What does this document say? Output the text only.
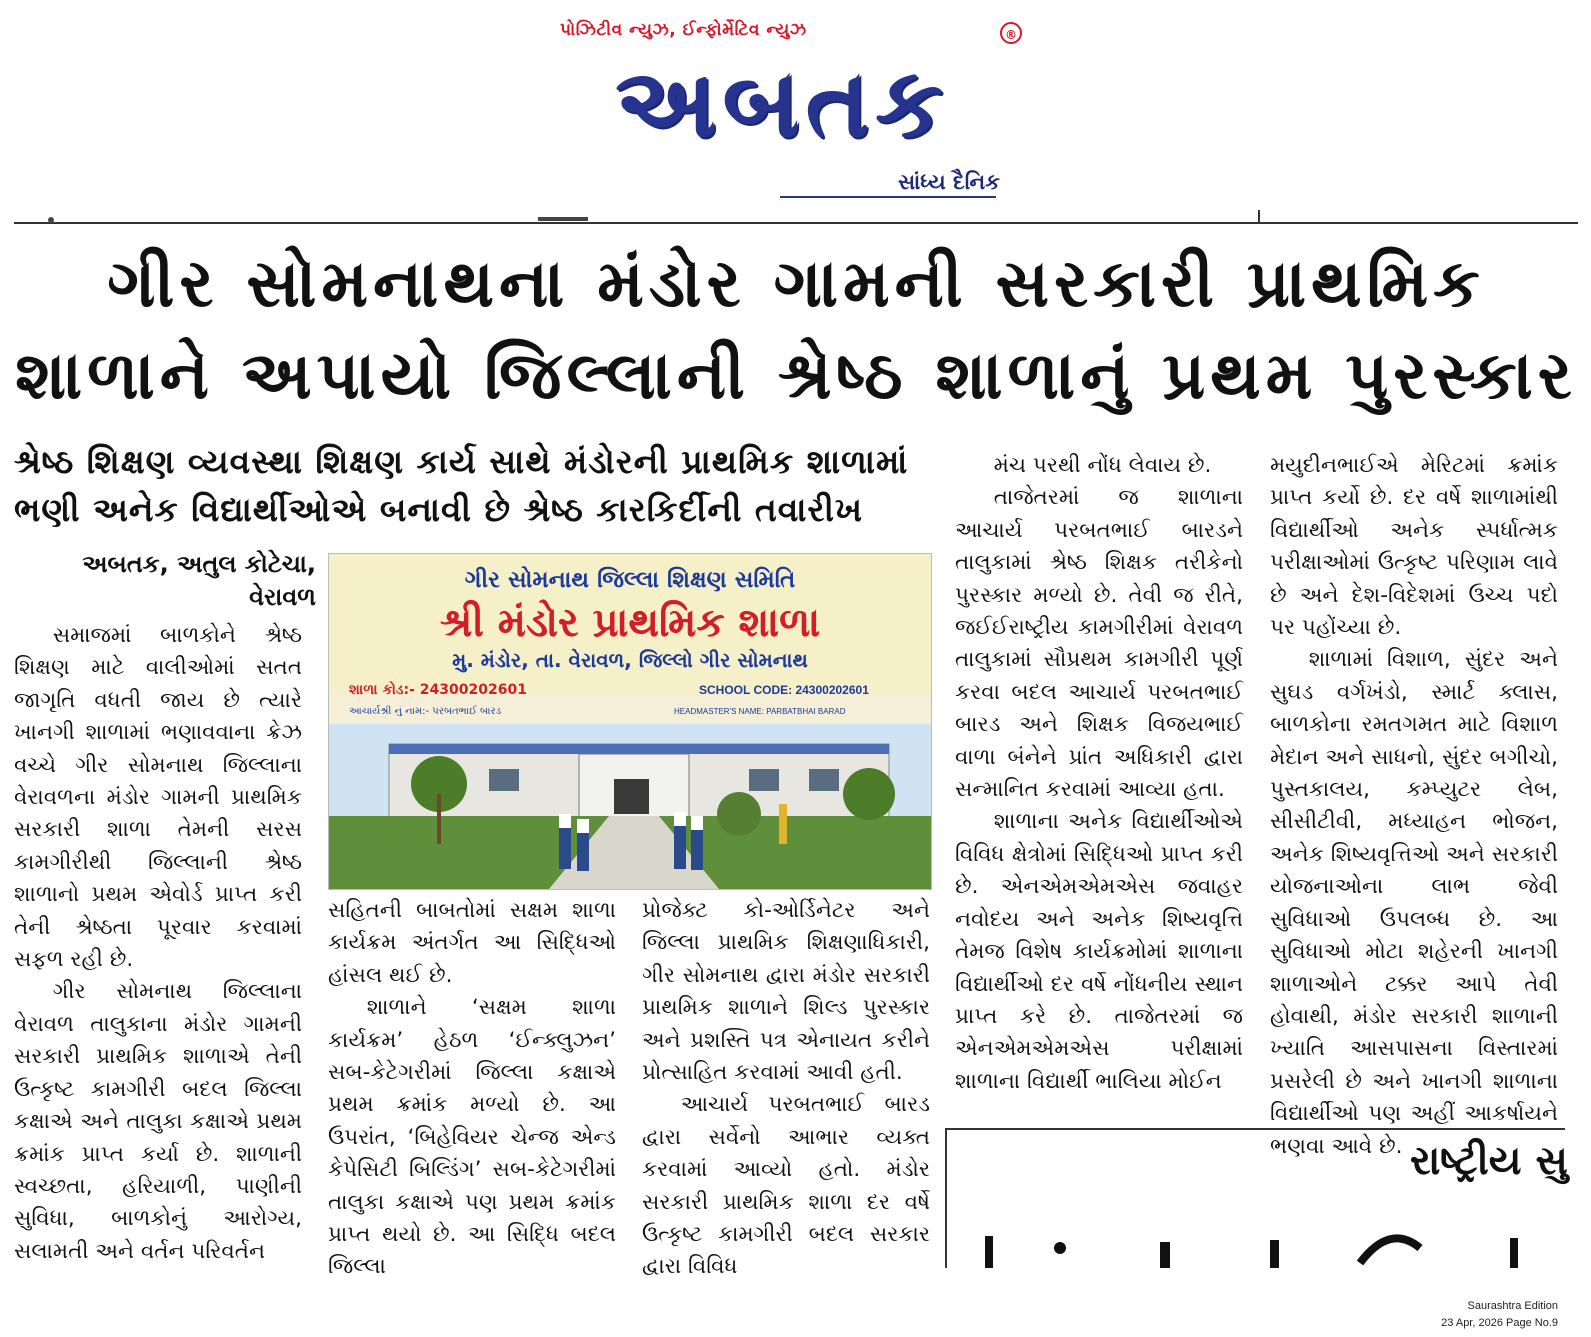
પોઝિટીવ ન્યુઝ, ઈન્ફોર્મેટિવ ન્યુઝ	®
અબતક
સાંધ્ય દૈનિક
ગીર સોમનાથના મંડોર ગામની સરકારી પ્રાથમિક
શાળાને અપાયો જિલ્લાની શ્રેષ્ઠ શાળાનું પ્રથમ પુરસ્કાર
શ્રેષ્ઠ શિક્ષણ વ્યવસ્થા શિક્ષણ કાર્ય સાથે મંડોરની પ્રાથમિક શાળામાં
ભણી અનેક વિદ્યાર્થીઓએ બનાવી છે શ્રેષ્ઠ કારકિર્દીની તવારીખ
અબતક, અતુલ કોટેચા,
વેરાવળ

સમાજમાં બાળકોને શ્રેષ્ઠ શિક્ષણ માટે વાલીઓમાં સતત જાગૃતિ વધતી જાય છે ત્યારે ખાનગી શાળામાં ભણાવવાના ક્રેઝ વચ્ચે ગીર સોમનાથ જિલ્લાના વેરાવળના મંડોર ગામની પ્રાથમિક સરકારી શાળા તેમની સરસ કામગીરીથી જિલ્લાની શ્રેષ્ઠ શાળાનો પ્રથમ એવોર્ડ પ્રાપ્ત કરી તેની શ્રેષ્ઠતા પૂરવાર કરવામાં સફળ રહી છે.

ગીર સોમનાથ જિલ્લાના વેરાવળ તાલુકાના મંડોર ગામની સરકારી પ્રાથમિક શાળાએ તેની ઉત્કૃષ્ટ કામગીરી બદલ જિલ્લા કક્ષાએ અને તાલુકા કક્ષાએ પ્રથમ ક્રમાંક પ્રાપ્ત કર્યા છે. શાળાની સ્વચ્છતા, હરિયાળી, પાણીની સુવિધા, બાળકોનું આરોગ્ય, સલામતી અને વર્તન પરિવર્તન

ગીર સોમનાથ જિલ્લા શિક્ષણ સમિતિ
શ્રી મંડોર પ્રાથમિક શાળા
મુ. મંડોર, તા. વેરાવળ, જિલ્લો ગીર સોમનાથ
શાળા કોડ:- 24300202601	SCHOOL CODE: 24300202601
આચાર્યશ્રી નું નામ:- પરબતભાઈ બારડ	HEADMASTER'S NAME: PARBATBHAI BARAD

સહિતની બાબતોમાં સક્ષમ શાળા કાર્યક્રમ અંતર્ગત આ સિદ્ધિઓ હાંસલ થઈ છે.

શાળાને ‘સક્ષમ શાળા કાર્યક્રમ’ હેઠળ ‘ઈન્ક્લુઝન’ સબ-કેટેગરીમાં જિલ્લા કક્ષાએ પ્રથમ ક્રમાંક મળ્યો છે. આ ઉપરાંત, ‘બિહેવિયર ચેન્જ એન્ડ કેપેસિટી બિલ્ડિંગ’ સબ-કેટેગરીમાં તાલુકા કક્ષાએ પણ પ્રથમ ક્રમાંક પ્રાપ્ત થયો છે. આ સિદ્ધિ બદલ જિલ્લા

પ્રોજેક્ટ કો-ઓર્ડિનેટર અને જિલ્લા પ્રાથમિક શિક્ષણાધિકારી, ગીર સોમનાથ દ્વારા મંડોર સરકારી પ્રાથમિક શાળાને શિલ્ડ પુરસ્કાર અને પ્રશસ્તિ પત્ર એનાયત કરીને પ્રોત્સાહિત કરવામાં આવી હતી.

આચાર્ય પરબતભાઈ બારડ દ્વારા સર્વેનો આભાર વ્યક્ત કરવામાં આવ્યો હતો. મંડોર સરકારી પ્રાથમિક શાળા દર વર્ષે ઉત્કૃષ્ટ કામગીરી બદલ સરકાર દ્વારા વિવિધ

મંચ પરથી નોંધ લેવાય છે.

તાજેતરમાં જ શાળાના આચાર્ય પરબતભાઈ બારડને તાલુકામાં શ્રેષ્ઠ શિક્ષક તરીકેનો પુરસ્કાર મળ્યો છે. તેવી જ રીતે, જઈઈરાષ્ટ્રીય કામગીરીમાં વેરાવળ તાલુકામાં સૌપ્રથમ કામગીરી પૂર્ણ કરવા બદલ આચાર્ય પરબતભાઈ બારડ અને શિક્ષક વિજયભાઈ વાળા બંનેને પ્રાંત અધિકારી દ્વારા સન્માનિત કરવામાં આવ્યા હતા.

શાળાના અનેક વિદ્યાર્થીઓએ વિવિધ ક્ષેત્રોમાં સિદ્ધિઓ પ્રાપ્ત કરી છે. એનએમએમએસ જવાહર નવોદય અને અનેક શિષ્યવૃત્તિ તેમજ વિશેષ કાર્યક્રમોમાં શાળાના વિદ્યાર્થીઓ દર વર્ષે નોંધનીય સ્થાન પ્રાપ્ત કરે છે. તાજેતરમાં જ એનએમએમએસ પરીક્ષામાં શાળાના વિદ્યાર્થી ભાલિયા મોઈન

મયુદીનભાઈએ મેરિટમાં ક્રમાંક પ્રાપ્ત કર્યો છે. દર વર્ષે શાળામાંથી વિદ્યાર્થીઓ અનેક સ્પર્ધાત્મક પરીક્ષાઓમાં ઉત્કૃષ્ટ પરિણામ લાવે છે અને દેશ-વિદેશમાં ઉચ્ચ પદો પર પહોંચ્યા છે.

શાળામાં વિશાળ, સુંદર અને સુઘડ વર્ગખંડો, સ્માર્ટ ક્લાસ, બાળકોના રમતગમત માટે વિશાળ મેદાન અને સાધનો, સુંદર બગીચો, પુસ્તકાલય, કમ્પ્યુટર લેબ, સીસીટીવી, મધ્યાહન ભોજન, અનેક શિષ્યવૃત્તિઓ અને સરકારી યોજનાઓના લાભ જેવી સુવિધાઓ ઉપલબ્ધ છે. આ સુવિધાઓ મોટા શહેરની ખાનગી શાળાઓને ટક્કર આપે તેવી હોવાથી, મંડોર સરકારી શાળાની ખ્યાતિ આસપાસના વિસ્તારમાં પ્રસરેલી છે અને ખાનગી શાળાના વિદ્યાર્થીઓ પણ અહીં આકર્ષાયને ભણવા આવે છે. રાષ્ટ્રીય સુ
Saurashtra Edition
23 Apr, 2026 Page No.9
